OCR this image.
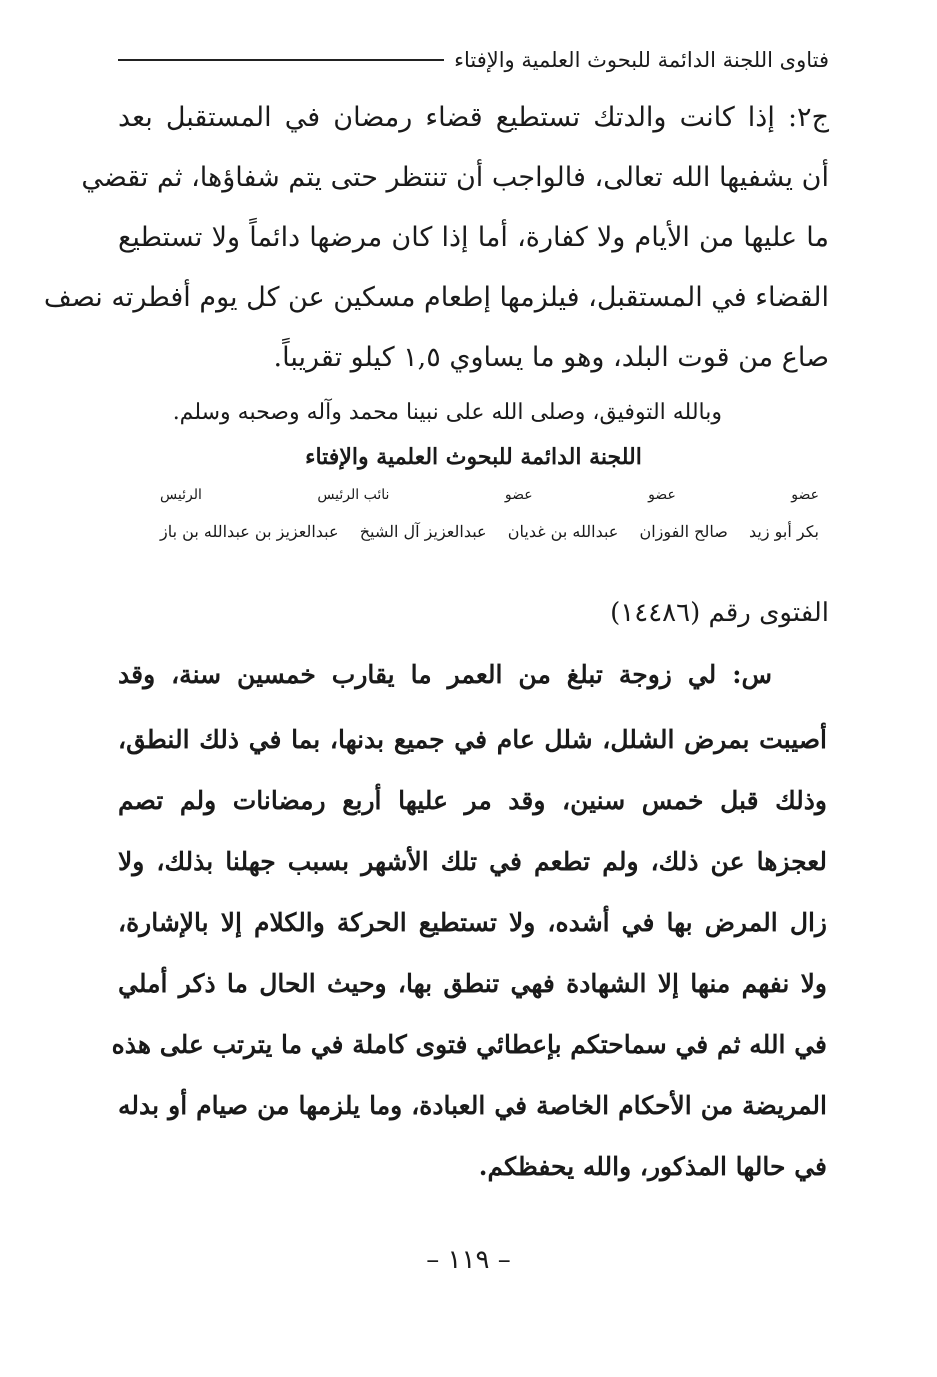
فتاوى اللجنة الدائمة للبحوث العلمية والإفتاء
ج٢: إذا كانت والدتك تستطيع قضاء رمضان في المستقبل بعد
أن يشفيها الله تعالى، فالواجب أن تنتظر حتى يتم شفاؤها، ثم تقضي
ما عليها من الأيام ولا كفارة، أما إذا كان مرضها دائماً ولا تستطيع
القضاء في المستقبل، فيلزمها إطعام مسكين عن كل يوم أفطرته نصف
صاع من قوت البلد، وهو ما يساوي ١,٥ كيلو تقريباً.
وبالله التوفيق، وصلى الله على نبينا محمد وآله وصحبه وسلم.
اللجنة الدائمة للبحوث العلمية والإفتاء
عضو
عضو
عضو
نائب الرئيس
الرئيس
بكر أبو زيد
صالح الفوزان
عبدالله بن غديان
عبدالعزيز آل الشيخ
عبدالعزيز بن عبدالله بن باز
الفتوى رقم (١٤٤٨٦)
س: لي زوجة تبلغ من العمر ما يقارب خمسين سنة، وقد
أصيبت بمرض الشلل، شلل عام في جميع بدنها، بما في ذلك النطق،
وذلك قبل خمس سنين، وقد مر عليها أربع رمضانات ولم تصم
لعجزها عن ذلك، ولم تطعم في تلك الأشهر بسبب جهلنا بذلك، ولا
زال المرض بها في أشده، ولا تستطيع الحركة والكلام إلا بالإشارة،
ولا نفهم منها إلا الشهادة فهي تنطق بها، وحيث الحال ما ذكر أملي
في الله ثم في سماحتكم بإعطائي فتوى كاملة في ما يترتب على هذه
المريضة من الأحكام الخاصة في العبادة، وما يلزمها من صيام أو بدله
في حالها المذكور، والله يحفظكم.
– ١١٩ –
